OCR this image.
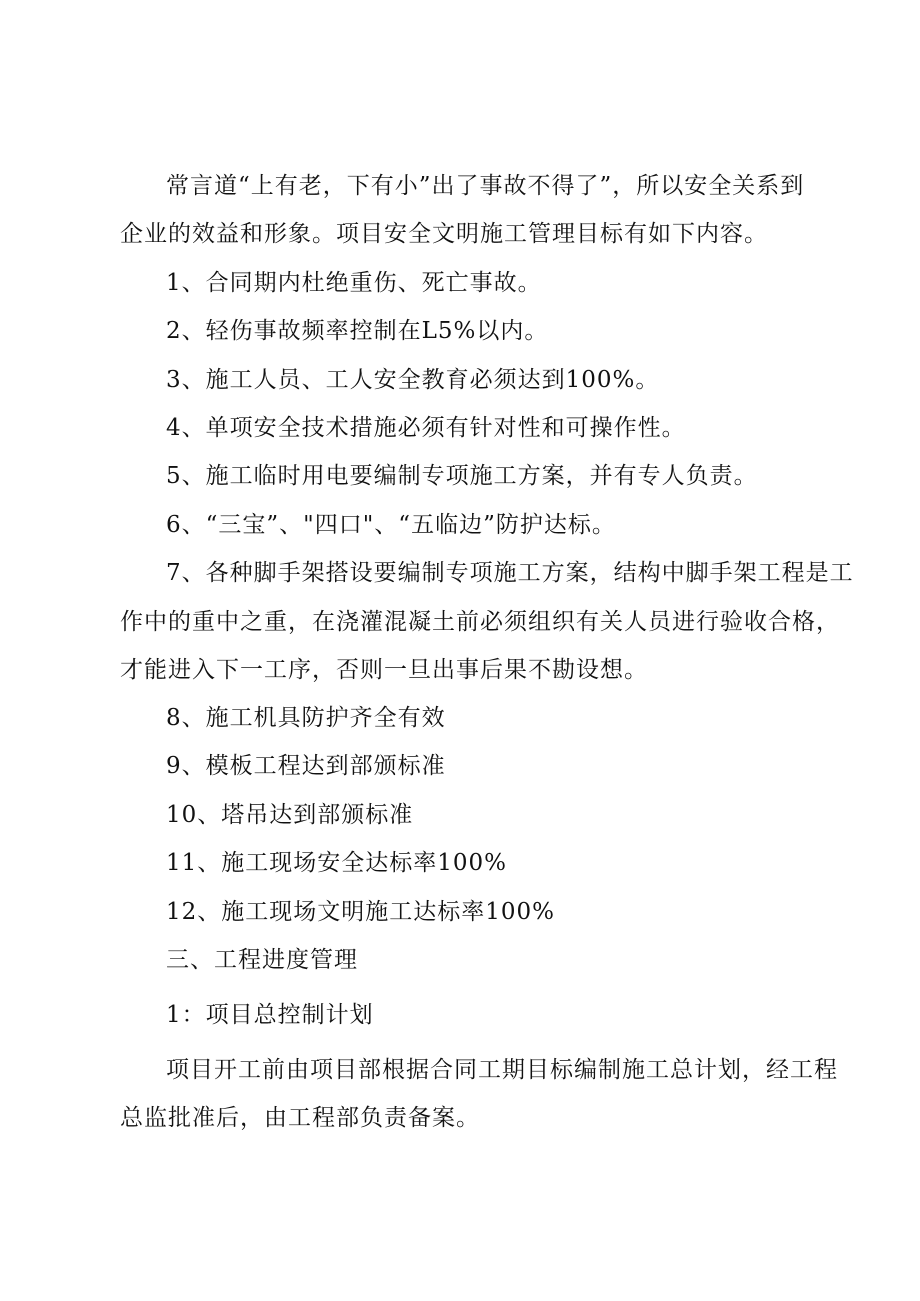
常言道“上有老，下有小”出了事故不得了”，所以安全关系到
企业的效益和形象。项目安全文明施工管理目标有如下内容。
1、合同期内杜绝重伤、死亡事故。
2、轻伤事故频率控制在L5%以内。
3、施工人员、工人安全教育必须达到100%。
4、单项安全技术措施必须有针对性和可操作性。
5、施工临时用电要编制专项施工方案，并有专人负责。
6、“三宝”、"四口"、“五临边”防护达标。
7、各种脚手架搭设要编制专项施工方案，结构中脚手架工程是工
作中的重中之重，在浇灌混凝土前必须组织有关人员进行验收合格，
才能进入下一工序，否则一旦出事后果不勘设想。
8、施工机具防护齐全有效
9、模板工程达到部颁标准
10、塔吊达到部颁标准
11、施工现场安全达标率100%
12、施工现场文明施工达标率100%
三、工程进度管理
1：项目总控制计划
项目开工前由项目部根据合同工期目标编制施工总计划，经工程
总监批准后，由工程部负责备案。
